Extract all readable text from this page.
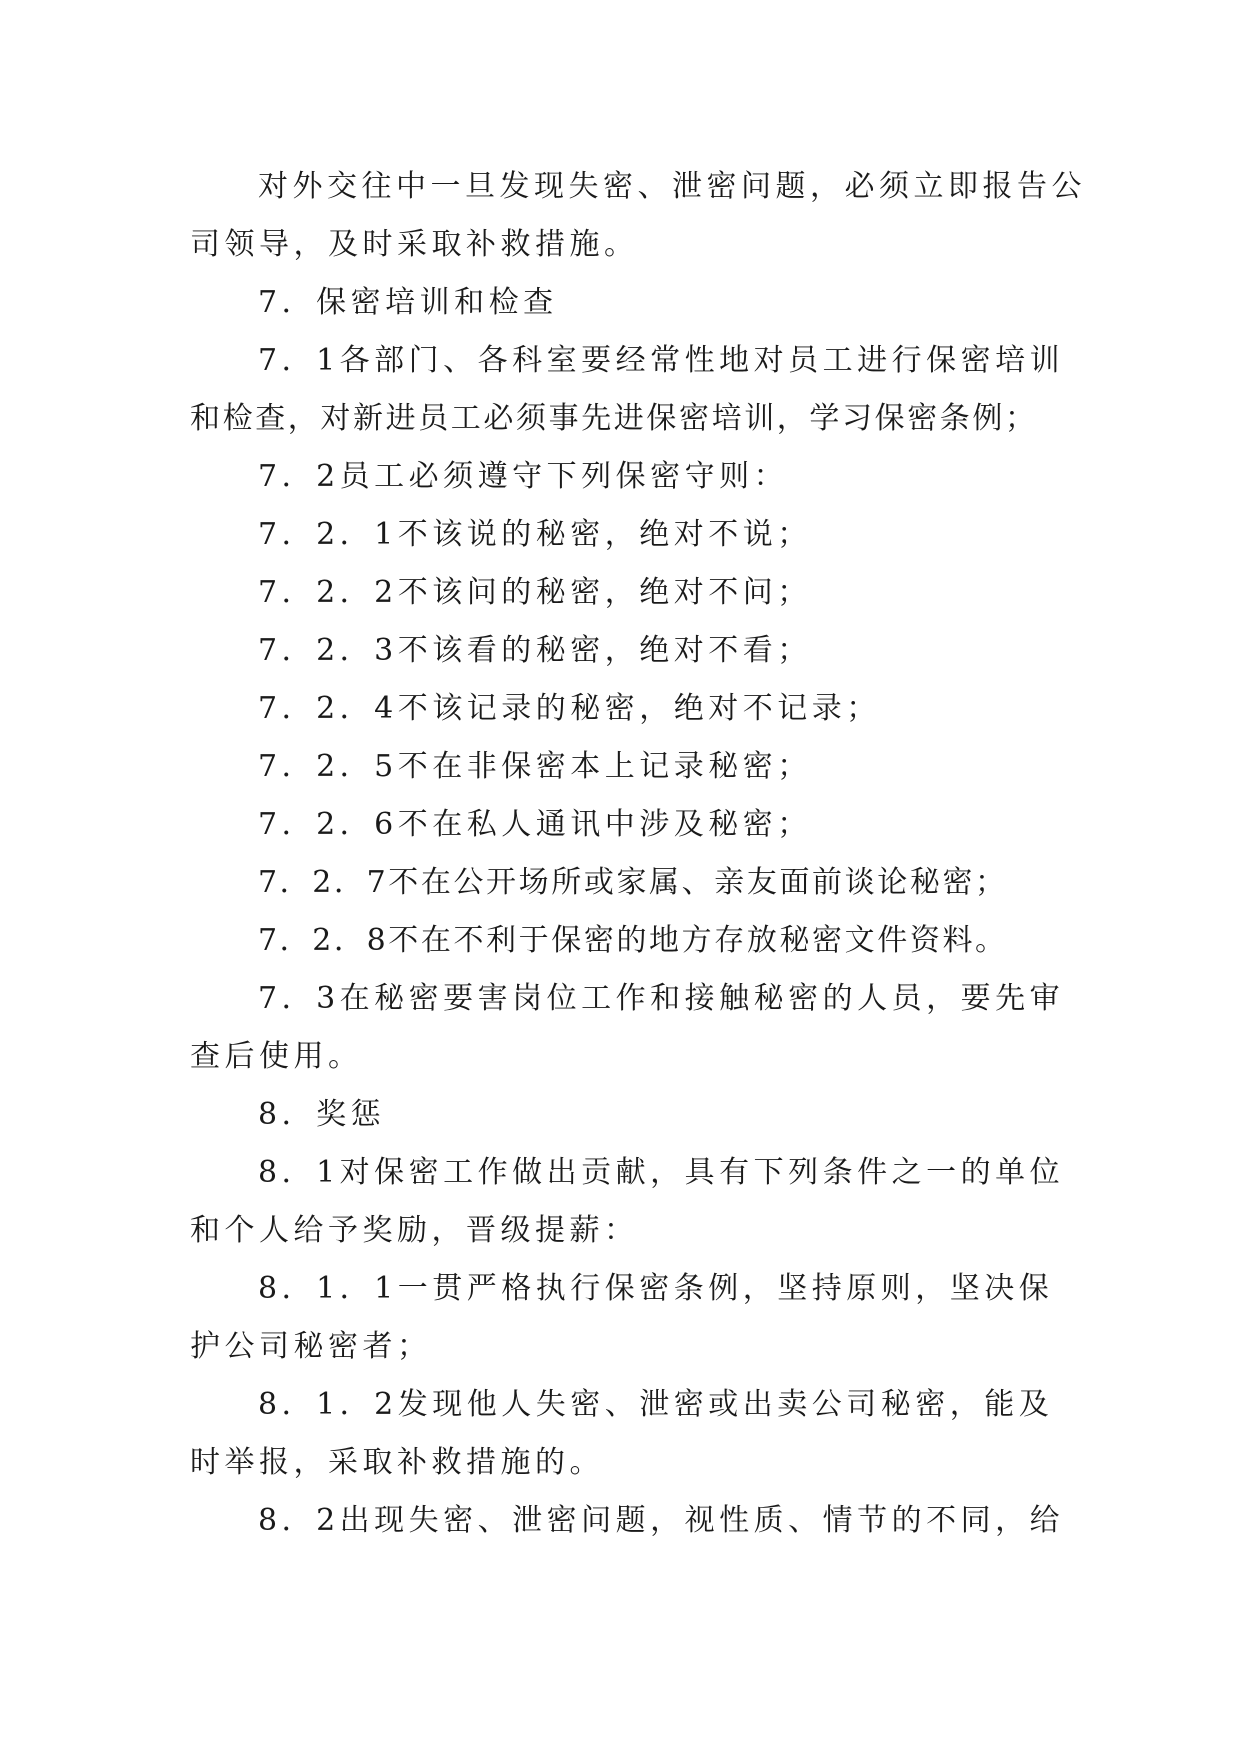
对外交往中一旦发现失密、泄密问题，必须立即报告公
司领导，及时采取补救措施。
7．保密培训和检查
7．1各部门、各科室要经常性地对员工进行保密培训
和检查，对新进员工必须事先进保密培训，学习保密条例；
7．2员工必须遵守下列保密守则：
7．2．1不该说的秘密，绝对不说；
7．2．2不该问的秘密，绝对不问；
7．2．3不该看的秘密，绝对不看；
7．2．4不该记录的秘密，绝对不记录；
7．2．5不在非保密本上记录秘密；
7．2．6不在私人通讯中涉及秘密；
7．2．7不在公开场所或家属、亲友面前谈论秘密；
7．2．8不在不利于保密的地方存放秘密文件资料。
7．3在秘密要害岗位工作和接触秘密的人员，要先审
查后使用。
8．奖惩
8．1对保密工作做出贡献，具有下列条件之一的单位
和个人给予奖励，晋级提薪：
8．1．1一贯严格执行保密条例，坚持原则，坚决保
护公司秘密者；
8．1．2发现他人失密、泄密或出卖公司秘密，能及
时举报，采取补救措施的。
8．2出现失密、泄密问题，视性质、情节的不同，给
